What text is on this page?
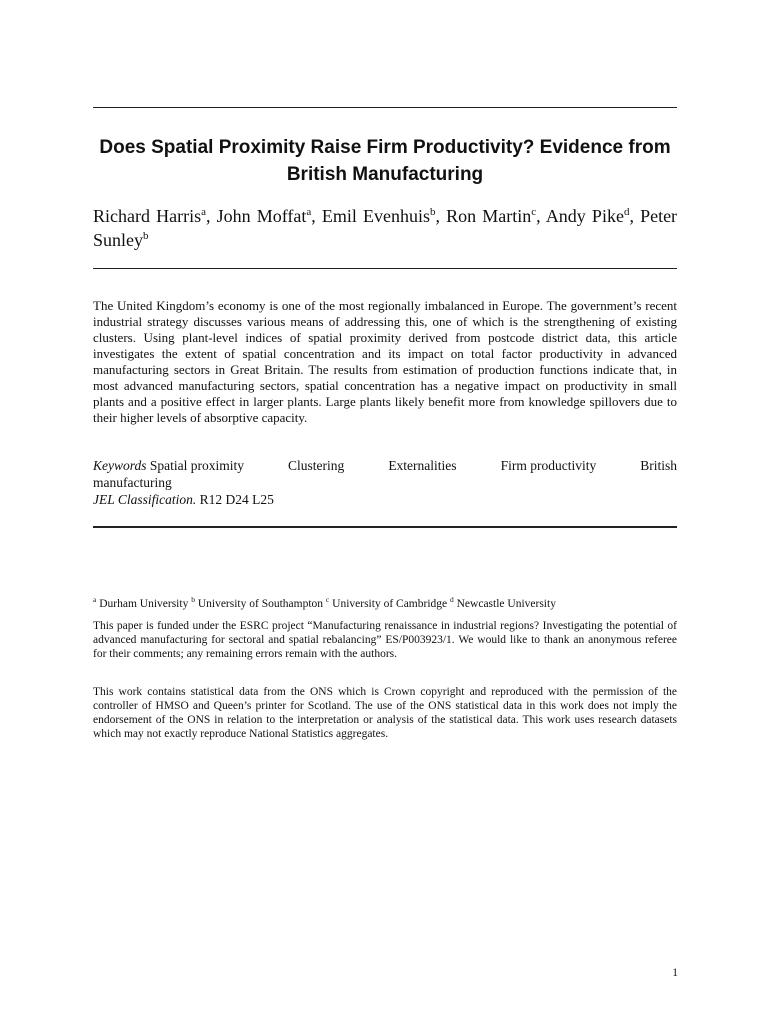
Does Spatial Proximity Raise Firm Productivity? Evidence from British Manufacturing
Richard Harris$^a$, John Moffat$^a$, Emil Evenhuis$^b$, Ron Martin$^c$, Andy Pike$^d$, Peter Sunley$^b$

The United Kingdom’s economy is one of the most regionally imbalanced in Europe. The government’s recent industrial strategy discusses various means of addressing this, one of which is the strengthening of existing clusters. Using plant-level indices of spatial proximity derived from postcode district data, this article investigates the extent of spatial concentration and its impact on total factor productivity in advanced manufacturing sectors in Great Britain. The results from estimation of production functions indicate that, in most advanced manufacturing sectors, spatial concentration has a negative impact on productivity in small plants and a positive effect in larger plants. Large plants likely benefit more from knowledge spillovers due to their higher levels of absorptive capacity.

Keywords Spatial proximity	Clustering	Externalities	Firm productivity	British
manufacturing
JEL Classification. R12 D24 L25
$^a$ Durham University $^b$ University of Southampton $^c$ University of Cambridge $^d$ Newcastle University

This paper is funded under the ESRC project “Manufacturing renaissance in industrial regions? Investigating the potential of advanced manufacturing for sectoral and spatial rebalancing” ES/P003923/1. We would like to thank an anonymous referee for their comments; any remaining errors remain with the authors.

This work contains statistical data from the ONS which is Crown copyright and reproduced with the permission of the controller of HMSO and Queen’s printer for Scotland. The use of the ONS statistical data in this work does not imply the endorsement of the ONS in relation to the interpretation or analysis of the statistical data. This work uses research datasets which may not exactly reproduce National Statistics aggregates.

1
